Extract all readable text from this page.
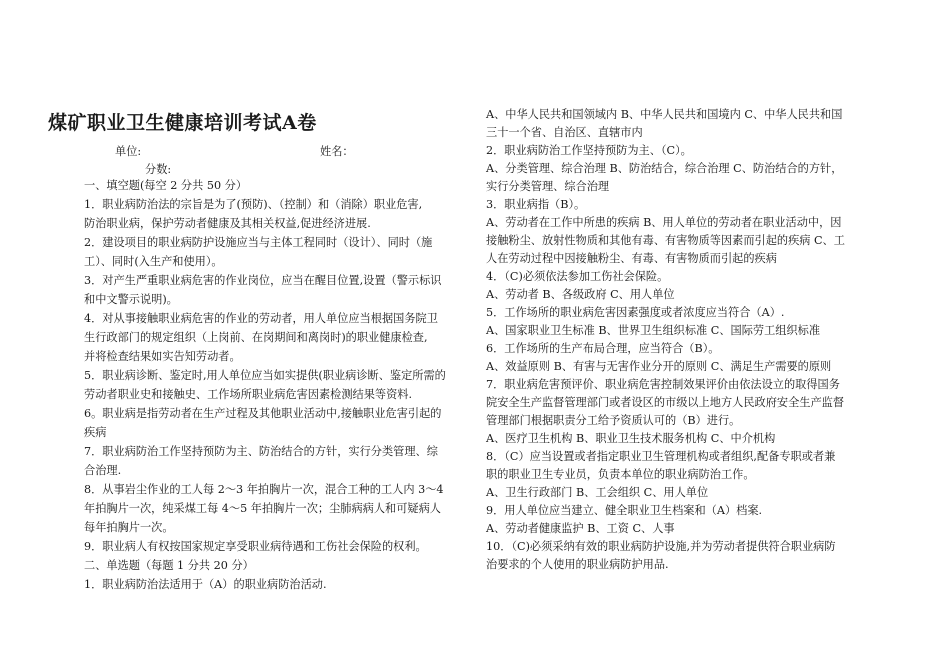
煤矿职业卫生健康培训考试A卷
单位:	姓名：
分数:
一、填空题(每空 2 分共 50 分）
1．职业病防治法的宗旨是为了(预防)、（控制）和（消除）职业危害,
防治职业病，保护劳动者健康及其相关权益,促进经济进展.
2．建设项目的职业病防护设施应当与主体工程同时（设计）、同时（施
工）、同时(入生产和使用）。
3．对产生严重职业病危害的作业岗位，应当在醒目位置,设置（警示标识
和中文警示说明)。
4．对从事接触职业病危害的作业的劳动者，用人单位应当根据国务院卫
生行政部门的规定组织（上岗前、在岗期间和离岗时)的职业健康检查,
并将检查结果如实告知劳动者。
5．职业病诊断、鉴定时,用人单位应当如实提供(职业病诊断、鉴定所需的
劳动者职业史和接触史、工作场所职业病危害因素检测结果等资料.
6。职业病是指劳动者在生产过程及其他职业活动中,接触职业危害引起的
疾病
7．职业病防治工作坚持预防为主、防治结合的方针，实行分类管理、综
合治理.
8．从事岩尘作业的工人每 2～3 年拍胸片一次，混合工种的工人内 3～4
年拍胸片一次，纯采煤工每 4～5 年拍胸片一次；尘肺病病人和可疑病人
每年拍胸片一次。
9．职业病人有权按国家规定享受职业病待遇和工伤社会保险的权利。
二、单选题（每题 1 分共 20 分）
1．职业病防治法适用于（A）的职业病防治活动.
A、中华人民共和国领域内 B、中华人民共和国境内 C、中华人民共和国
三十一个省、自治区、直辖市内
2．职业病防治工作坚持预防为主、（C）。
A、分类管理、综合治理 B、防治结合，综合治理 C、防治结合的方针，
实行分类管理、综合治理
3．职业病指（B）。
A、劳动者在工作中所患的疾病 B、用人单位的劳动者在职业活动中，因
接触粉尘、放射性物质和其他有毒、有害物质等因素而引起的疾病 C、工
人在劳动过程中因接触粉尘、有毒、有害物质而引起的疾病
4．（C)必须依法参加工伤社会保险。
A、劳动者 B、各级政府 C、用人单位
5．工作场所的职业病危害因素强度或者浓度应当符合（A）.
A、国家职业卫生标准 B、世界卫生组织标准 C、国际劳工组织标准
6．工作场所的生产布局合理，应当符合（B）。
A、效益原则 B、有害与无害作业分开的原则 C、满足生产需要的原则
7．职业病危害预评价、职业病危害控制效果评价由依法设立的取得国务
院安全生产监督管理部门或者设区的市级以上地方人民政府安全生产监督
管理部门根据职责分工给予资质认可的（B）进行。
A、医疗卫生机构 B、职业卫生技术服务机构 C、中介机构
8．（C）应当设置或者指定职业卫生管理机构或者组织,配备专职或者兼
职的职业卫生专业员，负责本单位的职业病防治工作。
A、卫生行政部门 B、工会组织 C、用人单位
9．用人单位应当建立、健全职业卫生档案和（A）档案.
A、劳动者健康监护 B、工资 C、人事
10．（C)必须采纳有效的职业病防护设施,并为劳动者提供符合职业病防
治要求的个人使用的职业病防护用品.
